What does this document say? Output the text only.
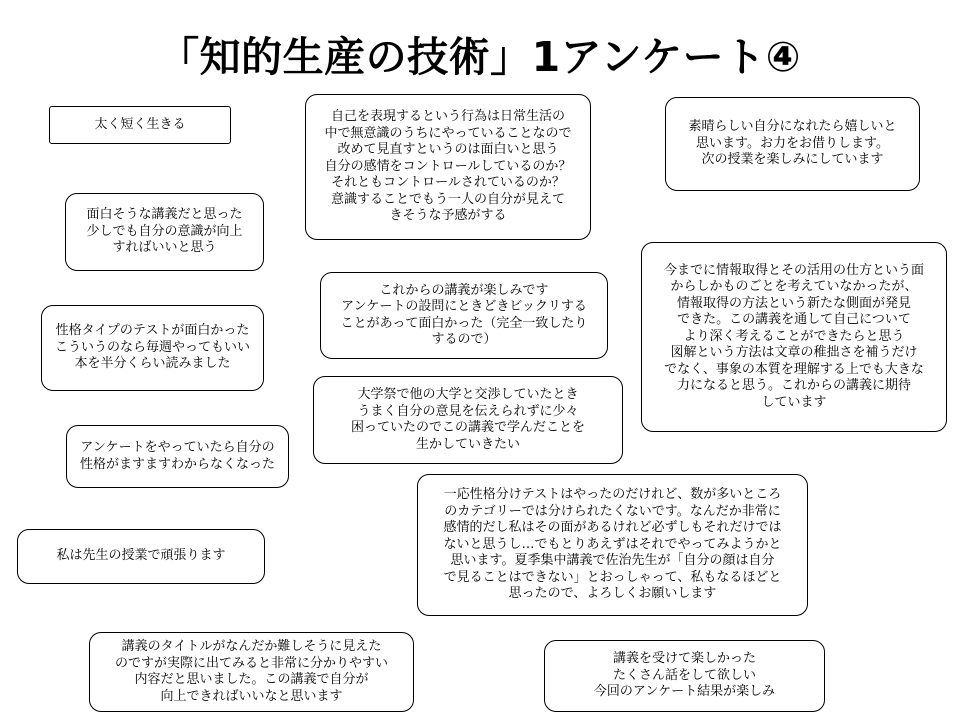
「知的生産の技術」1アンケート④
太く短く生きる	自己を表現するという行為は日常生活の
中で無意識のうちにやっていることなので
改めて見直すというのは面白いと思う
自分の感情をコントロールしているのか？
それともコントロールされているのか？
意識することでもう一人の自分が見えて
きそうな予感がする
素晴らしい自分になれたら嬉しいと
思います。お力をお借りします。
次の授業を楽しみにしています
面白そうな講義だと思った
少しでも自分の意識が向上
すればいいと思う
これからの講義が楽しみです
アンケートの設問にときどきビックリする
ことがあって面白かった（完全一致したり
するので）
今までに情報取得とその活用の仕方という面
からしかものごとを考えていなかったが、
情報取得の方法という新たな側面が発見
できた。この講義を通して自己について
より深く考えることができたらと思う
図解という方法は文章の稚拙さを補うだけ
でなく、事象の本質を理解する上でも大きな
力になると思う。これからの講義に期待
しています
性格タイプのテストが面白かった
こういうのなら毎週やってもいい
本を半分くらい読みました
大学祭で他の大学と交渉していたとき
うまく自分の意見を伝えられずに少々
困っていたのでこの講義で学んだことを
生かしていきたい
アンケートをやっていたら自分の
性格がますますわからなくなった
一応性格分けテストはやったのだけれど、数が多いところ
のカテゴリーでは分けられたくないです。なんだか非常に
感情的だし私はその面があるけれど必ずしもそれだけでは
ないと思うし…でもとりあえずはそれでやってみようかと
思います。夏季集中講義で佐治先生が「自分の顔は自分
で見ることはできない」とおっしゃって、私もなるほどと
思ったので、よろしくお願いします
私は先生の授業で頑張ります
講義のタイトルがなんだか難しそうに見えた
のですが実際に出てみると非常に分かりやすい
内容だと思いました。この講義で自分が
向上できればいいなと思います
講義を受けて楽しかった
たくさん話をして欲しい
今回のアンケート結果が楽しみ
